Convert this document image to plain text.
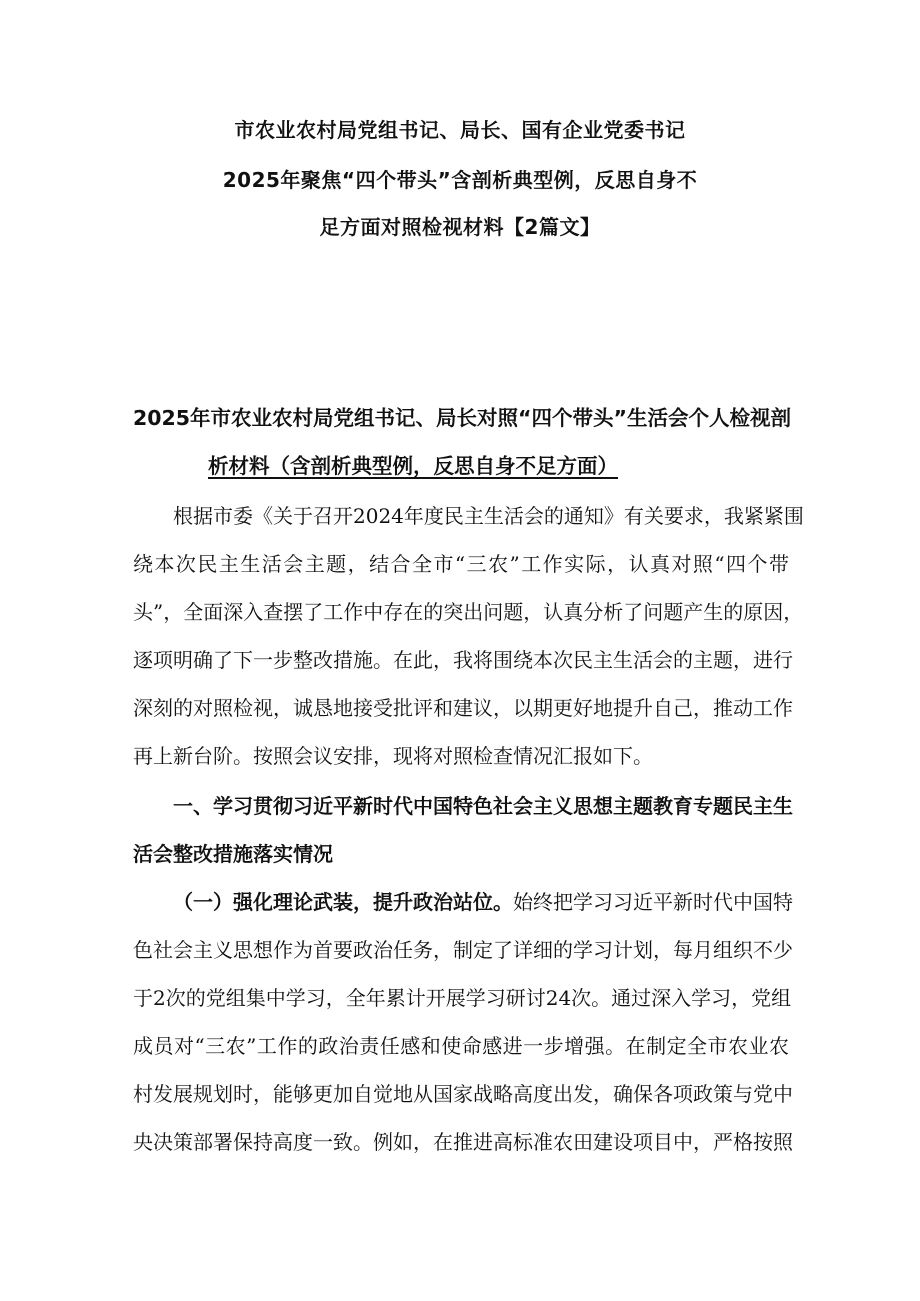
市农业农村局党组书记、局长、国有企业党委书记
2025年聚焦“四个带头”含剖析典型例，反思自身不
足方面对照检视材料【2篇文】
2025年市农业农村局党组书记、局长对照“四个带头”生活会个人检视剖
析材料（含剖析典型例，反思自身不足方面）
根据市委《关于召开2024年度民主生活会的通知》有关要求，我紧紧围
绕本次民主生活会主题，结合全市“三农”工作实际，认真对照“四个带
头”，全面深入查摆了工作中存在的突出问题，认真分析了问题产生的原因，
逐项明确了下一步整改措施。在此，我将围绕本次民主生活会的主题，进行
深刻的对照检视，诚恳地接受批评和建议，以期更好地提升自己，推动工作
再上新台阶。按照会议安排，现将对照检查情况汇报如下。
一、学习贯彻习近平新时代中国特色社会主义思想主题教育专题民主生
活会整改措施落实情况
（一）强化理论武装，提升政治站位。始终把学习习近平新时代中国特
色社会主义思想作为首要政治任务，制定了详细的学习计划，每月组织不少
于2次的党组集中学习，全年累计开展学习研讨24次。通过深入学习，党组
成员对“三农”工作的政治责任感和使命感进一步增强。在制定全市农业农
村发展规划时，能够更加自觉地从国家战略高度出发，确保各项政策与党中
央决策部署保持高度一致。例如，在推进高标准农田建设项目中，严格按照
